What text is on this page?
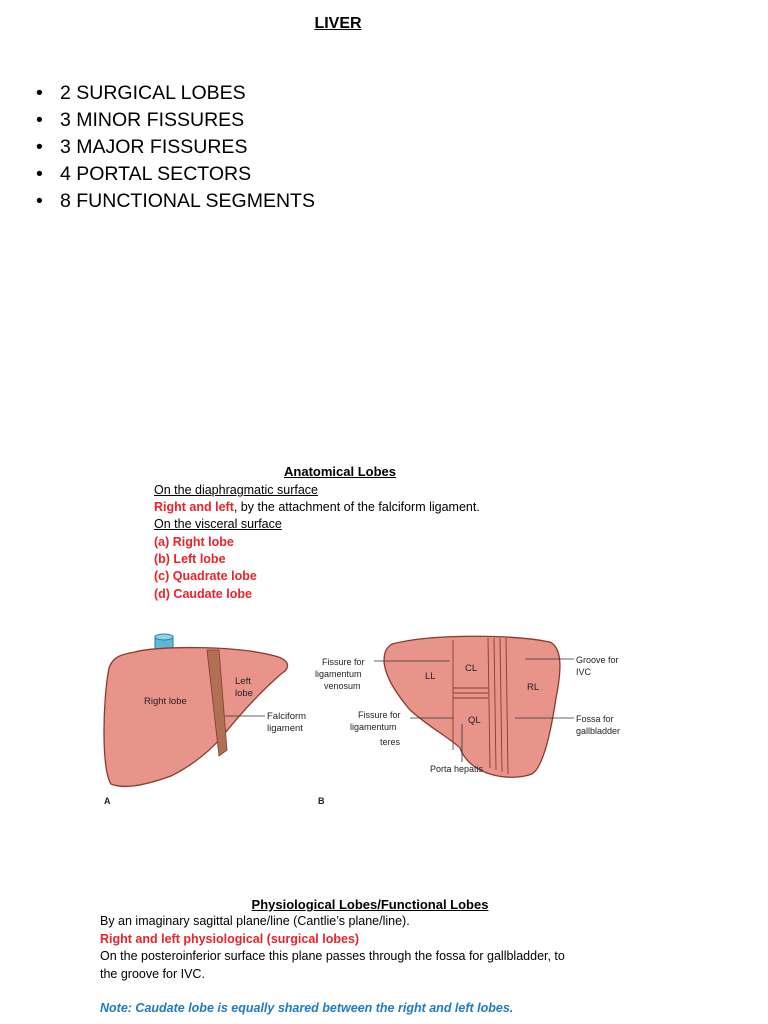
LIVER
• 2 SURGICAL LOBES
• 3 MINOR FISSURES
• 3 MAJOR FISSURES
• 4 PORTAL SECTORS
• 8 FUNCTIONAL SEGMENTS
Anatomical Lobes
On the diaphragmatic surface
Right and left, by the attachment of the falciform ligament.
On the visceral surface
(a) Right lobe
(b) Left lobe
(c) Quadrate lobe
(d) Caudate lobe
Right lobe
Left
lobe
Falciform
ligament
A
LL
CL
QL
RL
Fissure for
ligamentum
venosum
Fissure for
ligamentum
teres
Porta hepatis
Groove for
IVC
Fossa for
gallbladder
B
Physiological Lobes/Functional Lobes
By an imaginary sagittal plane/line (Cantlie’s plane/line).
Right and left physiological (surgical lobes)
On the posteroinferior surface this plane passes through the fossa for gallbladder, to
the groove for IVC.
Note: Caudate lobe is equally shared between the right and left lobes.
